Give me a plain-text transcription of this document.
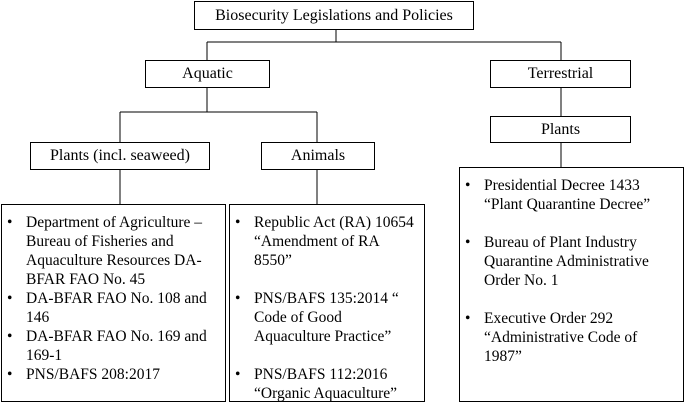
Biosecurity Legislations and Policies
Aquatic	Terrestrial
Plants (incl. seaweed)	Animals
Plants
• Department of Agriculture – Bureau of Fisheries and Aquaculture Resources DA-BFAR FAO No. 45
• DA-BFAR FAO No. 108 and 146
• DA-BFAR FAO No. 169 and 169-1
• PNS/BAFS 208:2017
• Republic Act (RA) 10654 “Amendment of RA 8550”
• PNS/BAFS 135:2014 “ Code of Good Aquaculture Practice”
• PNS/BAFS 112:2016 “Organic Aquaculture”
• Presidential Decree 1433 “Plant Quarantine Decree”
• Bureau of Plant Industry Quarantine Administrative Order No. 1
• Executive Order 292 “Administrative Code of 1987”
